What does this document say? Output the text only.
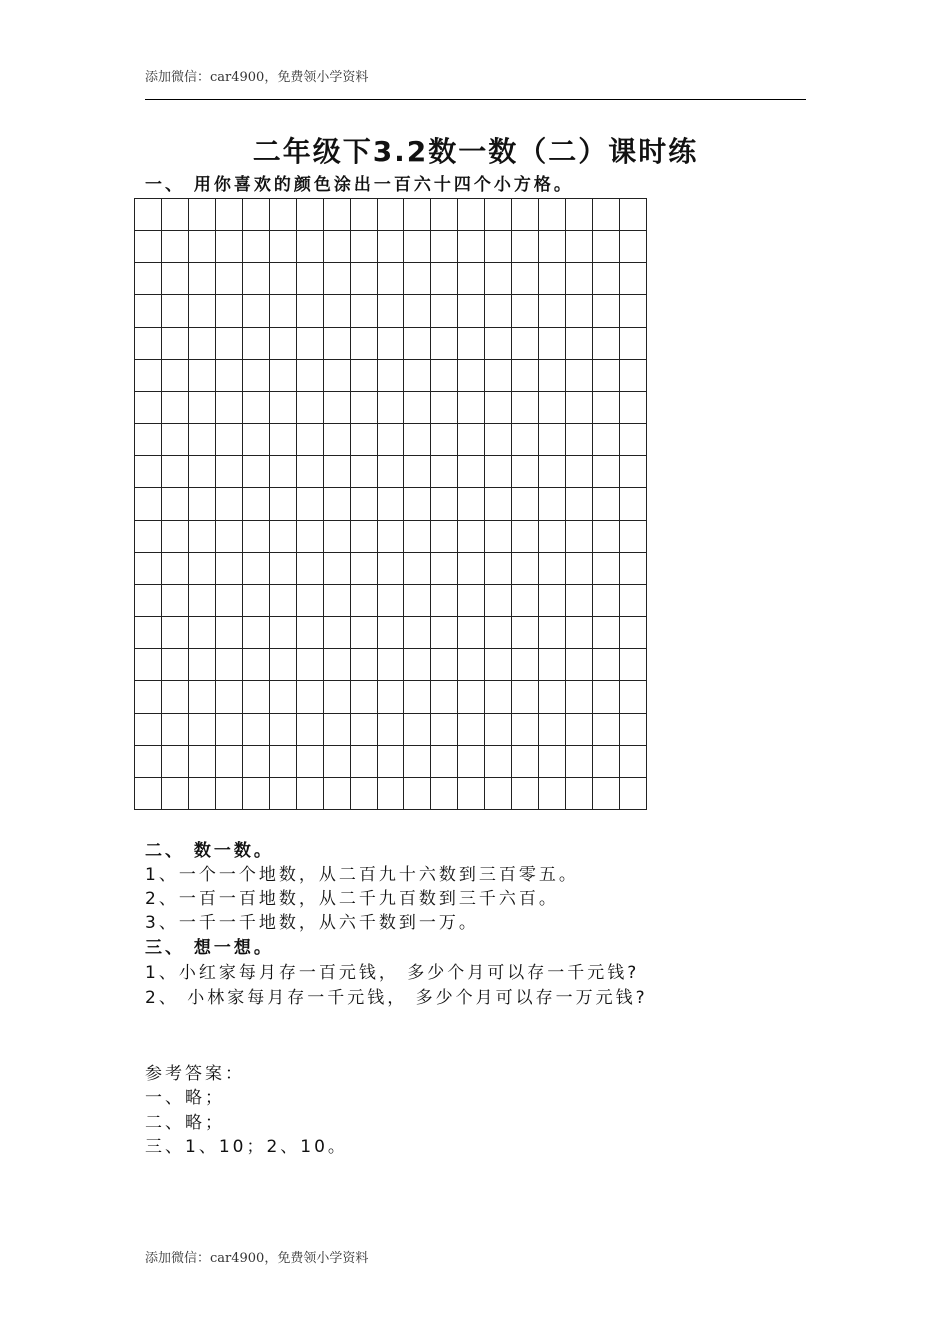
添加微信：car4900，免费领小学资料
二年级下3.2数一数（二）课时练
一、 用你喜欢的颜色涂出一百六十四个小方格。
二、 数一数。
1、一个一个地数，从二百九十六数到三百零五。
2、一百一百地数，从二千九百数到三千六百。
3、一千一千地数，从六千数到一万。
三、 想一想。
1、小红家每月存一百元钱， 多少个月可以存一千元钱?
2、 小林家每月存一千元钱， 多少个月可以存一万元钱?
参考答案：
一、略；
二、略；
三、1、10；2、10。
添加微信：car4900，免费领小学资料
